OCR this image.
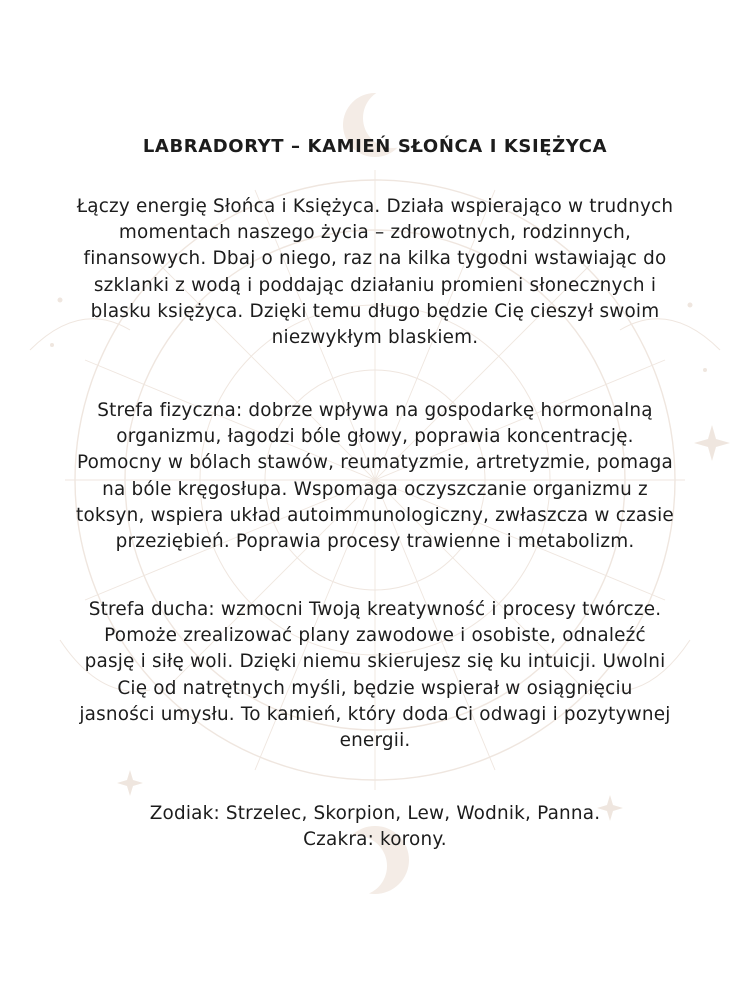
LABRADORYT – KAMIEŃ SŁOŃCA I KSIĘŻYCA

Łączy energię Słońca i Księżyca. Działa wspierająco w trudnych
momentach naszego życia – zdrowotnych, rodzinnych,
finansowych. Dbaj o niego, raz na kilka tygodni wstawiając do
szklanki z wodą i poddając działaniu promieni słonecznych i
blasku księżyca. Dzięki temu długo będzie Cię cieszył swoim
niezwykłym blaskiem.

Strefa fizyczna: dobrze wpływa na gospodarkę hormonalną
organizmu, łagodzi bóle głowy, poprawia koncentrację.
Pomocny w bólach stawów, reumatyzmie, artretyzmie, pomaga
na bóle kręgosłupa. Wspomaga oczyszczanie organizmu z
toksyn, wspiera układ autoimmunologiczny, zwłaszcza w czasie
przeziębień. Poprawia procesy trawienne i metabolizm.

Strefa ducha: wzmocni Twoją kreatywność i procesy twórcze.
Pomoże zrealizować plany zawodowe i osobiste, odnaleźć
pasję i siłę woli. Dzięki niemu skierujesz się ku intuicji. Uwolni
Cię od natrętnych myśli, będzie wspierał w osiągnięciu
jasności umysłu. To kamień, który doda Ci odwagi i pozytywnej
energii.

Zodiak: Strzelec, Skorpion, Lew, Wodnik, Panna.
Czakra: korony.
